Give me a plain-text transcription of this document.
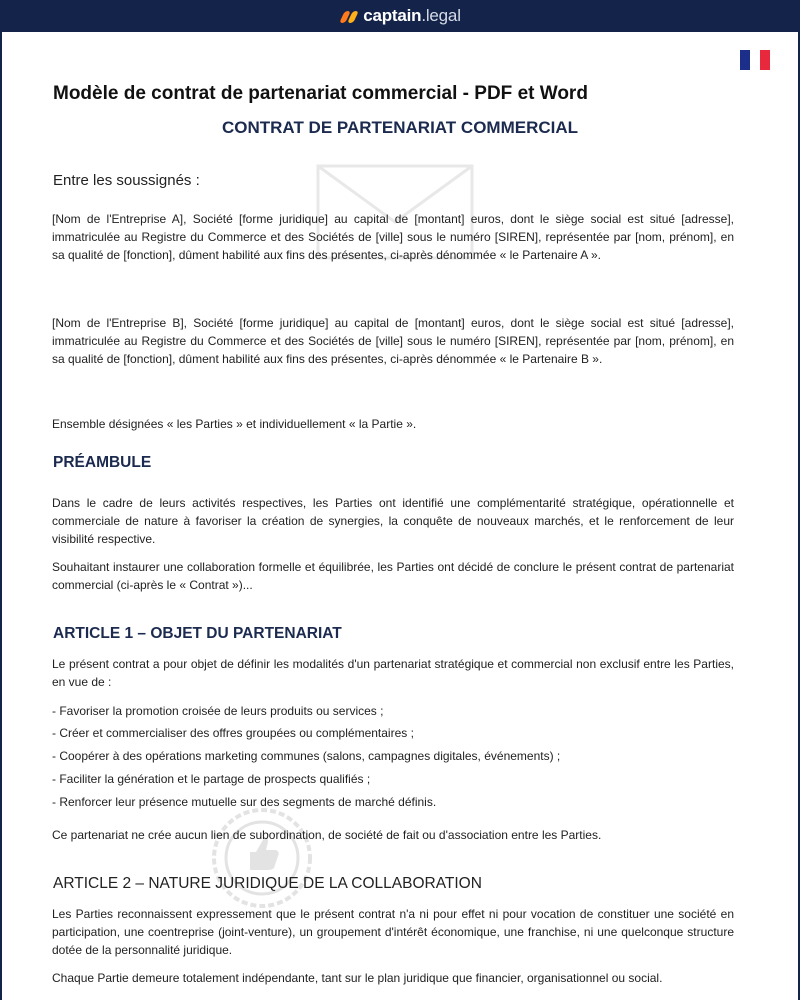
captain .legal
Modèle de contrat de partenariat commercial - PDF et Word
CONTRAT DE PARTENARIAT COMMERCIAL
Entre les soussignés :
[Nom de l'Entreprise A], Société [forme juridique] au capital de [montant] euros, dont le siège social est situé [adresse], immatriculée au Registre du Commerce et des Sociétés de [ville] sous le numéro [SIREN], représentée par [nom, prénom], en sa qualité de [fonction], dûment habilité aux fins des présentes, ci-après dénommée « le Partenaire A ».
[Nom de l'Entreprise B], Société [forme juridique] au capital de [montant] euros, dont le siège social est situé [adresse], immatriculée au Registre du Commerce et des Sociétés de [ville] sous le numéro [SIREN], représentée par [nom, prénom], en sa qualité de [fonction], dûment habilité aux fins des présentes, ci-après dénommée « le Partenaire B ».
Ensemble désignées « les Parties » et individuellement « la Partie ».
PRÉAMBULE
Dans le cadre de leurs activités respectives, les Parties ont identifié une complémentarité stratégique, opérationnelle et commerciale de nature à favoriser la création de synergies, la conquête de nouveaux marchés, et le renforcement de leur visibilité respective.
Souhaitant instaurer une collaboration formelle et équilibrée, les Parties ont décidé de conclure le présent contrat de partenariat commercial (ci-après le « Contrat »)...
ARTICLE 1 – OBJET DU PARTENARIAT
Le présent contrat a pour objet de définir les modalités d'un partenariat stratégique et commercial non exclusif entre les Parties, en vue de :
- Favoriser la promotion croisée de leurs produits ou services ;
- Créer et commercialiser des offres groupées ou complémentaires ;
- Coopérer à des opérations marketing communes (salons, campagnes digitales, événements) ;
- Faciliter la génération et le partage de prospects qualifiés ;
- Renforcer leur présence mutuelle sur des segments de marché définis.
Ce partenariat ne crée aucun lien de subordination, de société de fait ou d'association entre les Parties.
ARTICLE 2 – NATURE JURIDIQUE DE LA COLLABORATION
Les Parties reconnaissent expressement que le présent contrat n'a ni pour effet ni pour vocation de constituer une société en participation, une coentreprise (joint-venture), un groupement d'intérêt économique, une franchise, ni une quelconque structure dotée de la personnalité juridique.
Chaque Partie demeure totalement indépendante, tant sur le plan juridique que financier, organisationnel ou social.
